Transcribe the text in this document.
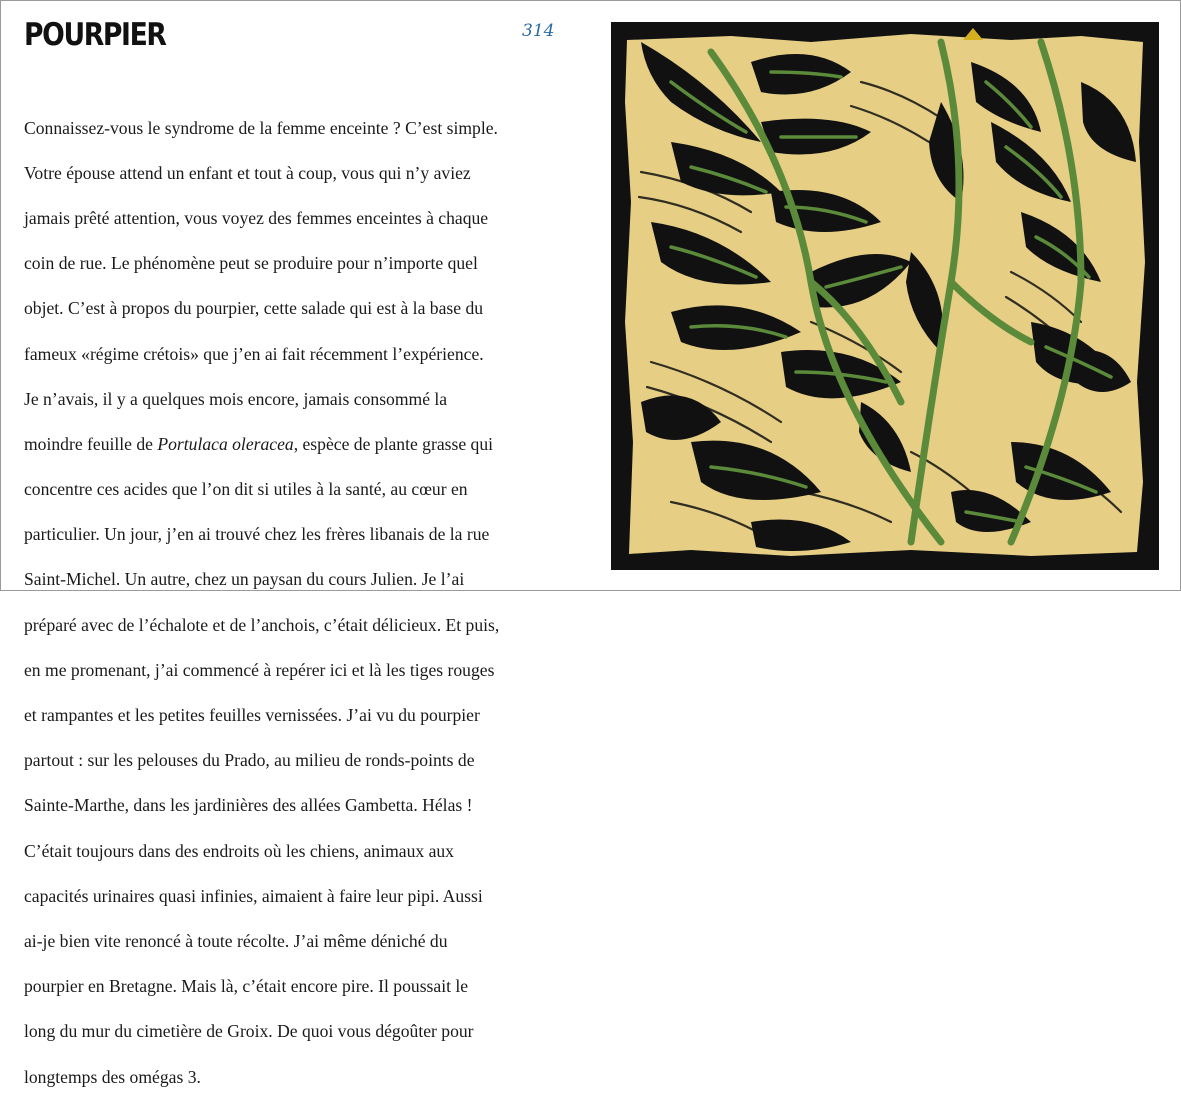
POURPIER	314

Connaissez-vous le syndrome de la femme enceinte ? C’est simple.

Votre épouse attend un enfant et tout à coup, vous qui n’y aviez

jamais prêté attention, vous voyez des femmes enceintes à chaque

coin de rue. Le phénomène peut se produire pour n’importe quel

objet. C’est à propos du pourpier, cette salade qui est à la base du

fameux «régime crétois» que j’en ai fait récemment l’expérience.

Je n’avais, il y a quelques mois encore, jamais consommé la

moindre feuille de Portulaca oleracea, espèce de plante grasse qui

concentre ces acides que l’on dit si utiles à la santé, au cœur en

particulier. Un jour, j’en ai trouvé chez les frères libanais de la rue

Saint-Michel. Un autre, chez un paysan du cours Julien. Je l’ai

préparé avec de l’échalote et de l’anchois, c’était délicieux. Et puis,

en me promenant, j’ai commencé à repérer ici et là les tiges rouges

et rampantes et les petites feuilles vernissées. J’ai vu du pourpier

partout : sur les pelouses du Prado, au milieu de ronds-points de

Sainte-Marthe, dans les jardinières des allées Gambetta. Hélas !

C’était toujours dans des endroits où les chiens, animaux aux

capacités urinaires quasi infinies, aimaient à faire leur pipi. Aussi

ai-je bien vite renoncé à toute récolte. J’ai même déniché du

pourpier en Bretagne. Mais là, c’était encore pire. Il poussait le

long du mur du cimetière de Groix. De quoi vous dégoûter pour

longtemps des omégas 3.
